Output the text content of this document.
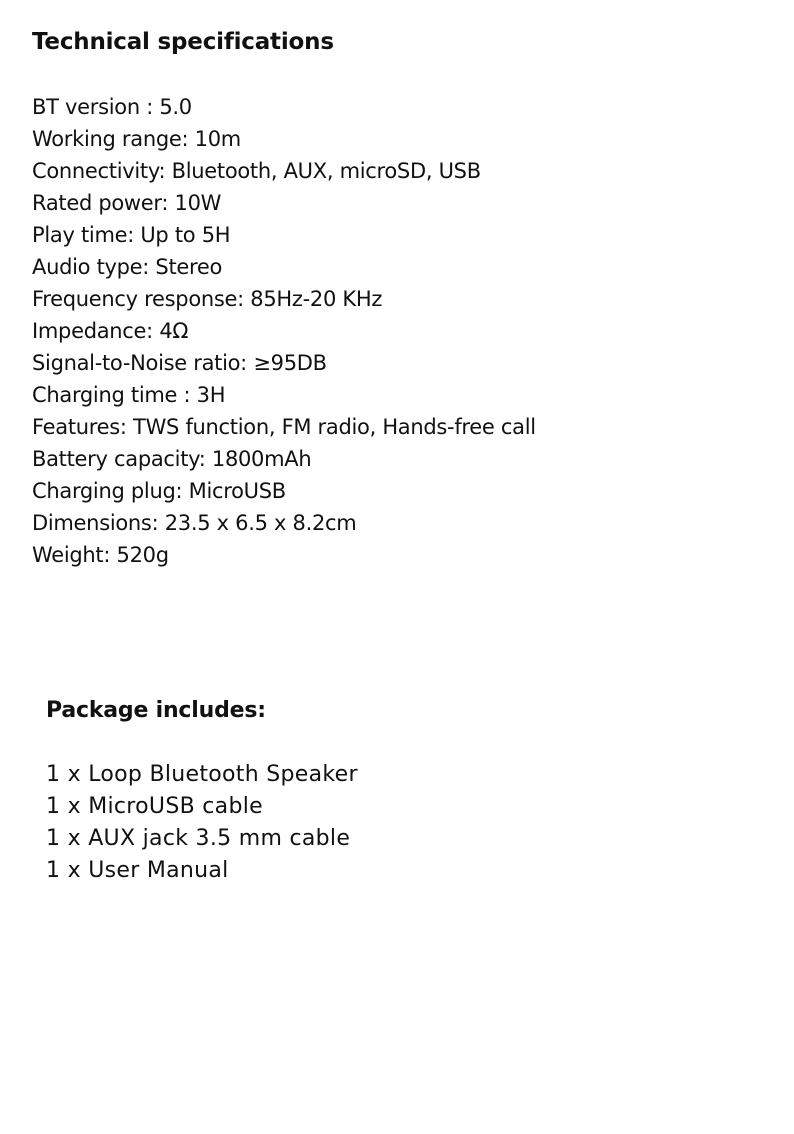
Technical specifications
BT version : 5.0
Working range: 10m
Connectivity: Bluetooth, AUX, microSD, USB
Rated power: 10W
Play time: Up to 5H
Audio type: Stereo
Frequency response: 85Hz-20 KHz
Impedance: 4Ω
Signal-to-Noise ratio: ≥95DB
Charging time : 3H
Features: TWS function, FM radio, Hands-free call
Battery capacity: 1800mAh
Charging plug: MicroUSB
Dimensions: 23.5 x 6.5 x 8.2cm
Weight: 520g
Package includes:
1 x Loop Bluetooth Speaker
1 x MicroUSB cable
1 x AUX jack 3.5 mm cable
1 x User Manual
